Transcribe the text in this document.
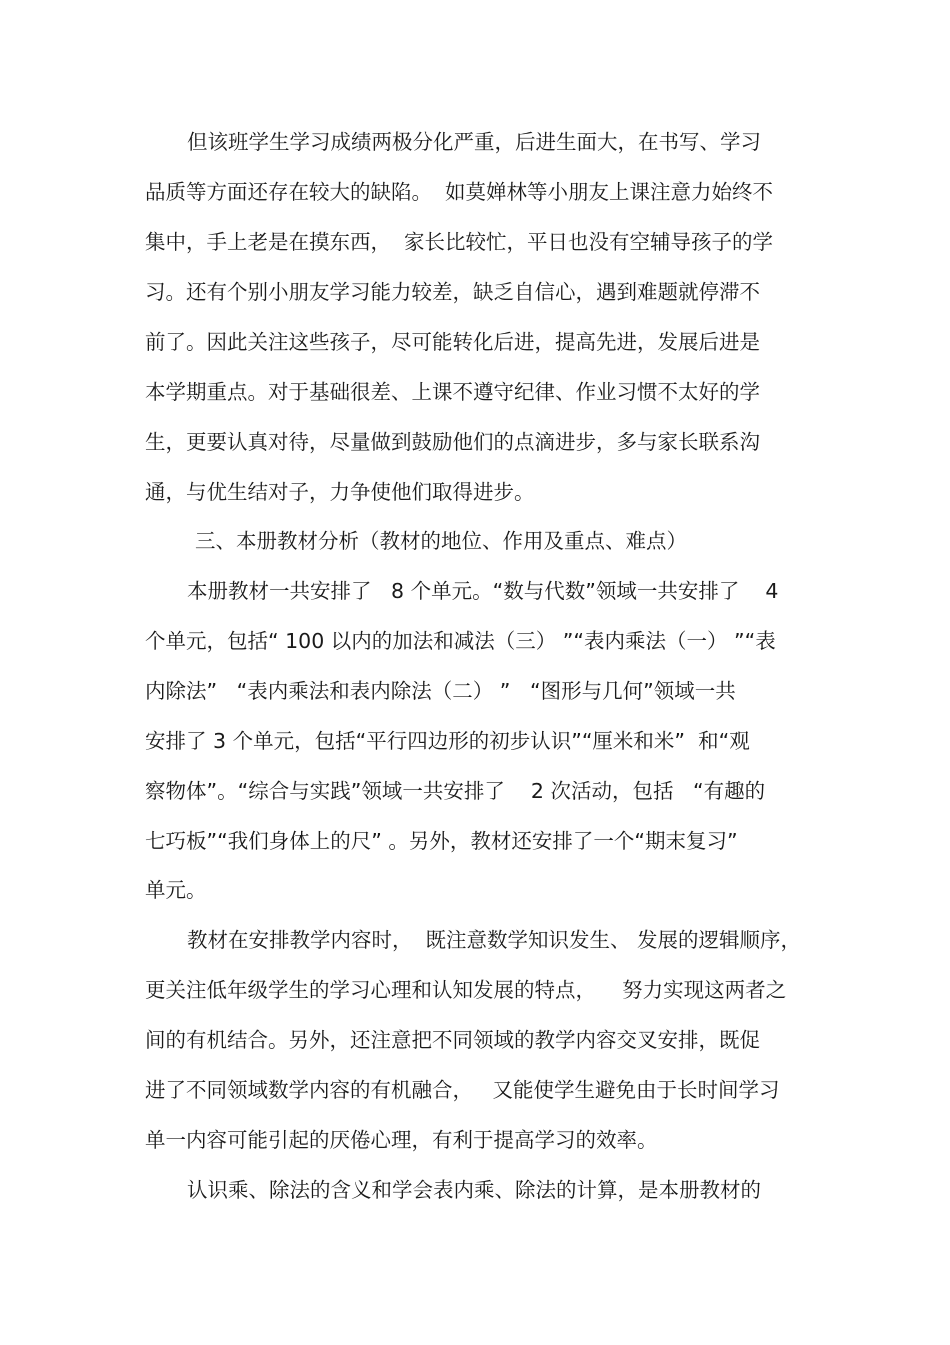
但该班学生学习成绩两极分化严重，后进生面大，在书写、学习
品质等方面还存在较大的缺陷。  如莫婵林等小朋友上课注意力始终不
集中，手上老是在摸东西，  家长比较忙，平日也没有空辅导孩子的学
习。还有个别小朋友学习能力较差，缺乏自信心，遇到难题就停滞不
前了。因此关注这些孩子，尽可能转化后进，提高先进，发展后进是
本学期重点。对于基础很差、上课不遵守纪律、作业习惯不太好的学
生，更要认真对待，尽量做到鼓励他们的点滴进步，多与家长联系沟
通，与优生结对子，力争使他们取得进步。
三、本册教材分析（教材的地位、作用及重点、难点）
本册教材一共安排了   8 个单元。“数与代数”领域一共安排了    4
个单元，包括“ 100 以内的加法和减法（三） ”“表内乘法（一） ”“表
内除法”   “表内乘法和表内除法（二） ”   “图形与几何”领域一共
安排了 3 个单元，包括“平行四边形的初步认识”“厘米和米”  和“观
察物体”。“综合与实践”领域一共安排了    2 次活动，包括   “有趣的
七巧板”“我们身体上的尺” 。另外，教材还安排了一个“期末复习”
单元。
教材在安排教学内容时，  既注意数学知识发生、 发展的逻辑顺序，
更关注低年级学生的学习心理和认知发展的特点，    努力实现这两者之
间的有机结合。另外，还注意把不同领域的教学内容交叉安排，既促
进了不同领域数学内容的有机融合，   又能使学生避免由于长时间学习
单一内容可能引起的厌倦心理，有利于提高学习的效率。
认识乘、除法的含义和学会表内乘、除法的计算，是本册教材的
